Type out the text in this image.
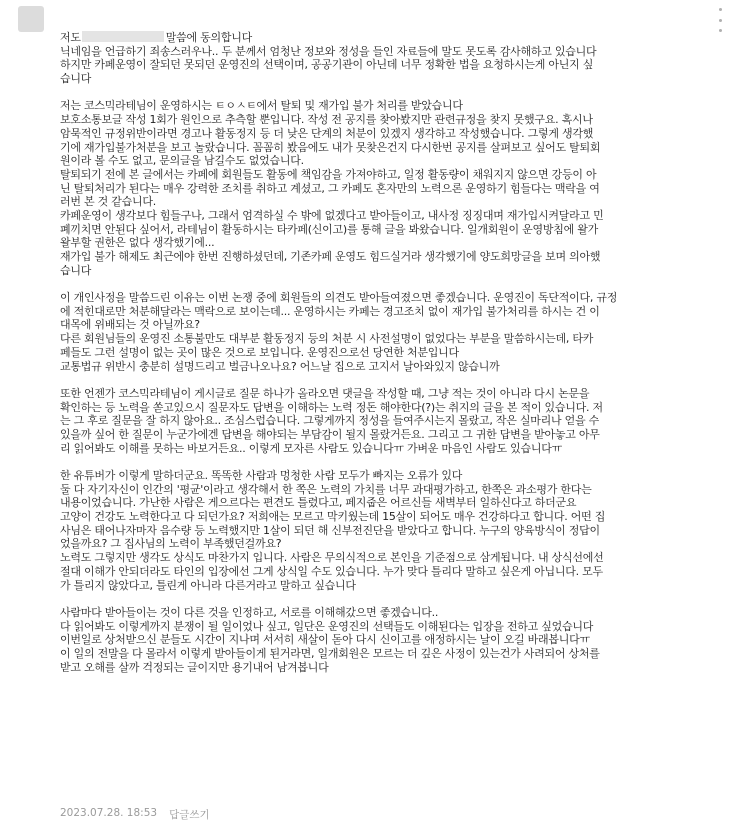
저도	말씀에 동의합니다
닉네임을 언급하기 죄송스러우나.. 두 분께서 엄청난 정보와 정성을 들인 자료들에 말도 못도록 감사해하고 있습니다
하지만 카페운영이 잘되던 못되던 운영진의 선택이며, 공공기관이 아닌데 너무 정확한 법을 요청하시는게 아닌지 싶
습니다
저는 코스믹라테님이 운영하시는 ㅌㅇㅅㅌ에서 탈퇴 및 재가입 불가 처리를 받았습니다
보호소통보글 작성 1회가 원인으로 추측할 뿐입니다. 작성 전 공지를 찾아봤지만 관련규정을 찾지 못했구요. 혹시나
암묵적인 규정위반이라면 경고나 활동정지 등 더 낮은 단계의 처분이 있겠지 생각하고 작성했습니다. 그렇게 생각했
기에 재가입불가처분을 보고 놀랐습니다. 꼼꼼히 봤음에도 내가 못찾은건지 다시한번 공지를 살펴보고 싶어도 탈퇴회
원이라 볼 수도 없고, 문의글을 남길수도 없었습니다.
탈퇴되기 전에 본 글에서는 카페에 회원들도 활동에 책임감을 가져야하고, 일정 활동량이 채워지지 않으면 강등이 아
닌 탈퇴처리가 된다는 매우 강력한 조치를 취하고 계셨고, 그 카페도 혼자만의 노력으론 운영하기 힘들다는 맥락을 여
러번 본 것 같습니다.
카페운영이 생각보다 힘들구나, 그래서 엄격하실 수 밖에 없겠다고 받아들이고, 내사정 징징대며 재가입시켜달라고 민
폐끼치면 안된다 싶어서, 라테님이 활동하시는 타카페(신이고)를 통해 글을 봐왔습니다. 일개회원이 운영방침에 왈가
왈부할 권한은 없다 생각했기에...
재가입 불가 해제도 최근에야 한번 진행하셨던데, 기존카페 운영도 힘드실거라 생각했기에 양도희망글을 보며 의아했
습니다
이 개인사정을 말씀드린 이유는 이번 논쟁 중에 회원들의 의견도 받아들여졌으면 좋겠습니다. 운영진이 독단적이다, 규정
에 적힌대로만 처분해달라는 맥락으로 보이는데... 운영하시는 카페는 경고조치 없이 재가입 불가처리를 하시는 건 이
대목에 위배되는 것 아닐까요?
다른 회원님들의 운영진 소통불만도 대부분 활동정지 등의 처분 시 사전설명이 없었다는 부분을 말씀하시는데, 타카
페들도 그런 설명이 없는 곳이 많은 것으로 보입니다. 운영진으로선 당연한 처분입니다
교통법규 위반시 충분히 설명드리고 벌금나오나요? 어느날 집으로 고지서 날아와있지 않습니까
또한 언젠가 코스믹라테님이 게시글로 질문 하나가 올라오면 댓글을 작성할 때, 그냥 적는 것이 아니라 다시 논문을
확인하는 등 노력을 쏟고있으시 질문자도 답변을 이해하는 노력 정돈 해야한다(?)는 취지의 글을 본 적이 있습니다. 저
는 그 후로 질문을 잘 하지 않아요.. 조심스럽습니다. 그렇게까지 정성을 들여주시는지 몰랐고, 작은 실마리나 얻을 수
있을까 싶어 한 질문이 누군가에겐 답변을 해야되는 부담감이 될지 몰랐거든요. 그리고 그 귀한 답변을 받아놓고 아무
리 읽어봐도 이해를 못하는 바보거든요.. 이렇게 모자른 사람도 있습니다ㅠ 가벼운 마음인 사람도 있습니다ㅠ
한 유튜버가 이렇게 말하더군요. 똑똑한 사람과 멍청한 사람 모두가 빠지는 오류가 있다
둘 다 자기자신이 인간의 '평균'이라고 생각해서 한 쪽은 노력의 가치를 너무 과대평가하고, 한쪽은 과소평가 한다는
내용이었습니다. 가난한 사람은 게으르다는 편견도 틀렸다고, 페지줍은 어르신들 새벽부터 일하신다고 하더군요
고양이 건강도 노력한다고 다 되던가요? 저희애는 모르고 막키웠는데 15살이 되어도 매우 건강하다고 합니다. 어떤 집
사님은 태어나자마자 음수량 등 노력했지만 1살이 되던 해 신부전진단을 받았다고 합니다. 누구의 양육방식이 정답이
었을까요? 그 집사님의 노력이 부족했던걸까요?
노력도 그렇지만 생각도 상식도 마찬가지 입니다. 사람은 무의식적으로 본인을 기준점으로 삼게됩니다. 내 상식선에선
절대 이해가 안되더라도 타인의 입장에선 그게 상식일 수도 있습니다. 누가 맞다 틀리다 말하고 싶은게 아닙니다. 모두
가 틀리지 않았다고, 틀린게 아니라 다른거라고 말하고 싶습니다
사람마다 받아들이는 것이 다른 것을 인정하고, 서로를 이해해갔으면 좋겠습니다..
다 읽어봐도 이렇게까지 분쟁이 될 일이었나 싶고, 일단은 운영진의 선택들도 이해된다는 입장을 전하고 싶었습니다
이번일로 상처받으신 분들도 시간이 지나며 서서히 새살이 돋아 다시 신이고를 애정하시는 날이 오길 바래봅니다ㅠ
이 일의 전말을 다 몰라서 이렇게 받아들이게 된거라면, 일개회원은 모르는 더 깊은 사정이 있는건가 사려되어 상처를
받고 오해를 살까 걱정되는 글이지만 용기내어 남겨봅니다
2023.07.28. 18:53 답글쓰기
